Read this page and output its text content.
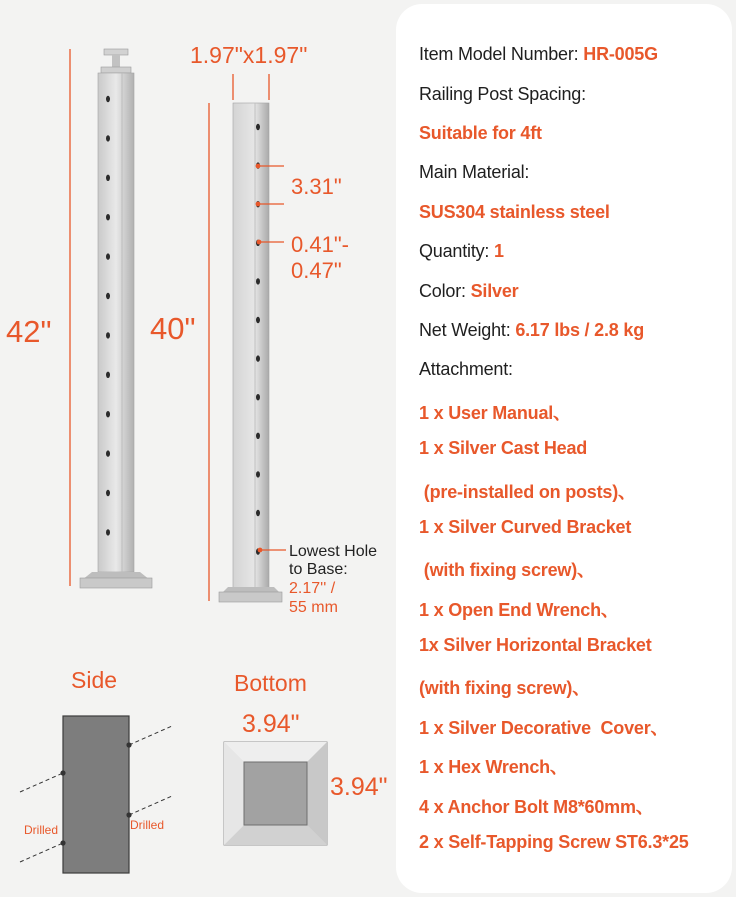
1.97"x1.97"
42"	40"
3.31"
0.41"-
0.47"
Lowest Hole
to Base:
2.17'' /
55 mm
Side	Bottom
Drilled	Drilled
3.94"
3.94"
Item Model Number: HR-005G
Railing Post Spacing:
Suitable for 4ft
Main Material:
SUS304 stainless steel
Quantity: 1
Color: Silver
Net Weight: 6.17 lbs / 2.8 kg
Attachment:
1 x User Manual、
1 x Silver Cast Head
(pre-installed on posts)、
1 x Silver Curved Bracket
(with fixing screw)、
1 x Open End Wrench、
1x Silver Horizontal Bracket
(with fixing screw)、
1 x Silver Decorative  Cover、
1 x Hex Wrench、
4 x Anchor Bolt M8*60mm、
2 x Self-Tapping Screw ST6.3*25
